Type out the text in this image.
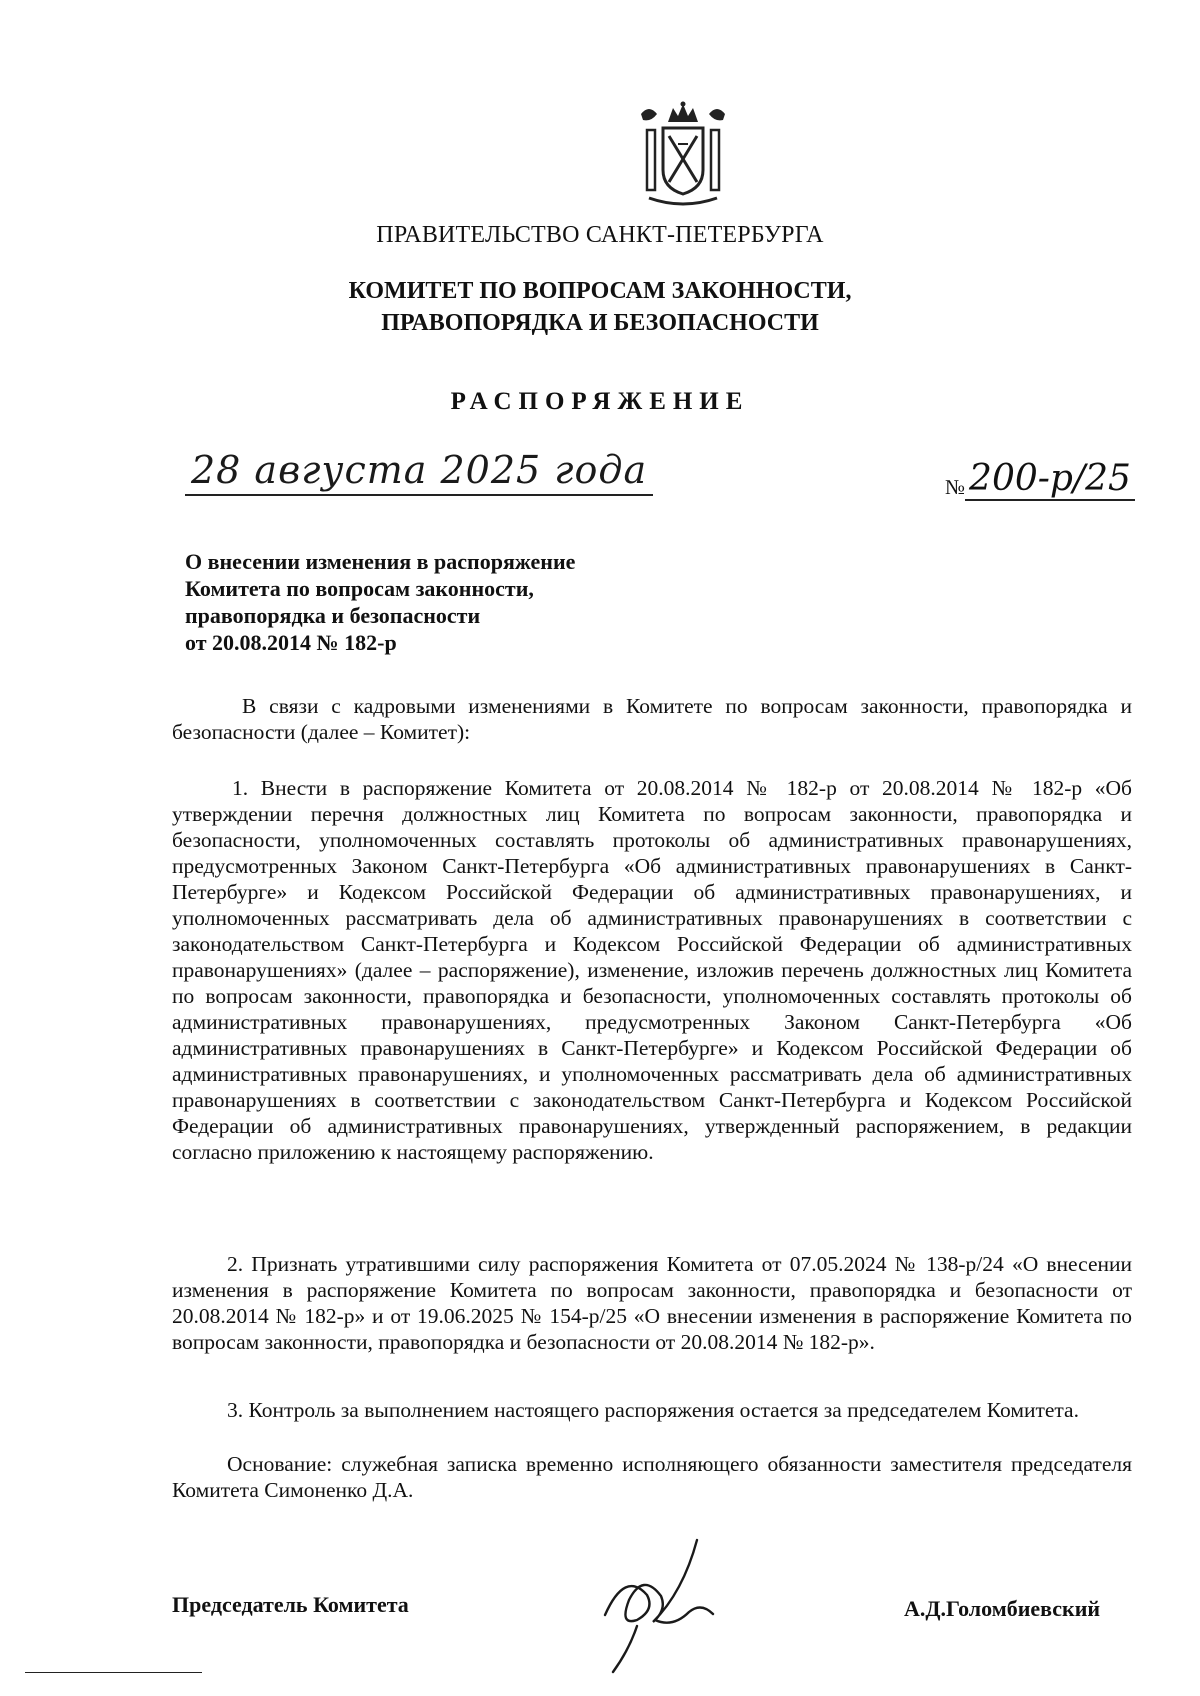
ПРАВИТЕЛЬСТВО САНКТ-ПЕТЕРБУРГА
КОМИТЕТ ПО ВОПРОСАМ ЗАКОННОСТИ,
ПРАВОПОРЯДКА И БЕЗОПАСНОСТИ
РАСПОРЯЖЕНИЕ
28 августа 2025 года	№ 200-р/25
О внесении изменения в распоряжение
Комитета по вопросам законности,
правопорядка и безопасности
от 20.08.2014 № 182-р
В связи с кадровыми изменениями в Комитете по вопросам законности, правопорядка и безопасности (далее – Комитет):
1. Внести в распоряжение Комитета от 20.08.2014 № 182-р от 20.08.2014 № 182-р «Об утверждении перечня должностных лиц Комитета по вопросам законности, правопорядка и безопасности, уполномоченных составлять протоколы об административных правонарушениях, предусмотренных Законом Санкт-Петербурга «Об административных правонарушениях в Санкт-Петербурге» и Кодексом Российской Федерации об административных правонарушениях, и уполномоченных рассматривать дела об административных правонарушениях в соответствии с законодательством Санкт-Петербурга и Кодексом Российской Федерации об административных правонарушениях» (далее – распоряжение), изменение, изложив перечень должностных лиц Комитета по вопросам законности, правопорядка и безопасности, уполномоченных составлять протоколы об административных правонарушениях, предусмотренных Законом Санкт-Петербурга «Об административных правонарушениях в Санкт-Петербурге» и Кодексом Российской Федерации об административных правонарушениях, и уполномоченных рассматривать дела об административных правонарушениях в соответствии с законодательством Санкт-Петербурга и Кодексом Российской Федерации об административных правонарушениях, утвержденный распоряжением, в редакции согласно приложению к настоящему распоряжению.
2. Признать утратившими силу распоряжения Комитета от 07.05.2024 № 138-р/24 «О внесении изменения в распоряжение Комитета по вопросам законности, правопорядка и безопасности от 20.08.2014 № 182-р» и от 19.06.2025 № 154-р/25 «О внесении изменения в распоряжение Комитета по вопросам законности, правопорядка и безопасности от 20.08.2014 № 182-р».
3. Контроль за выполнением настоящего распоряжения остается за председателем Комитета.
Основание: служебная записка временно исполняющего обязанности заместителя председателя Комитета Симоненко Д.А.
Председатель Комитета	А.Д.Голомбиевский
